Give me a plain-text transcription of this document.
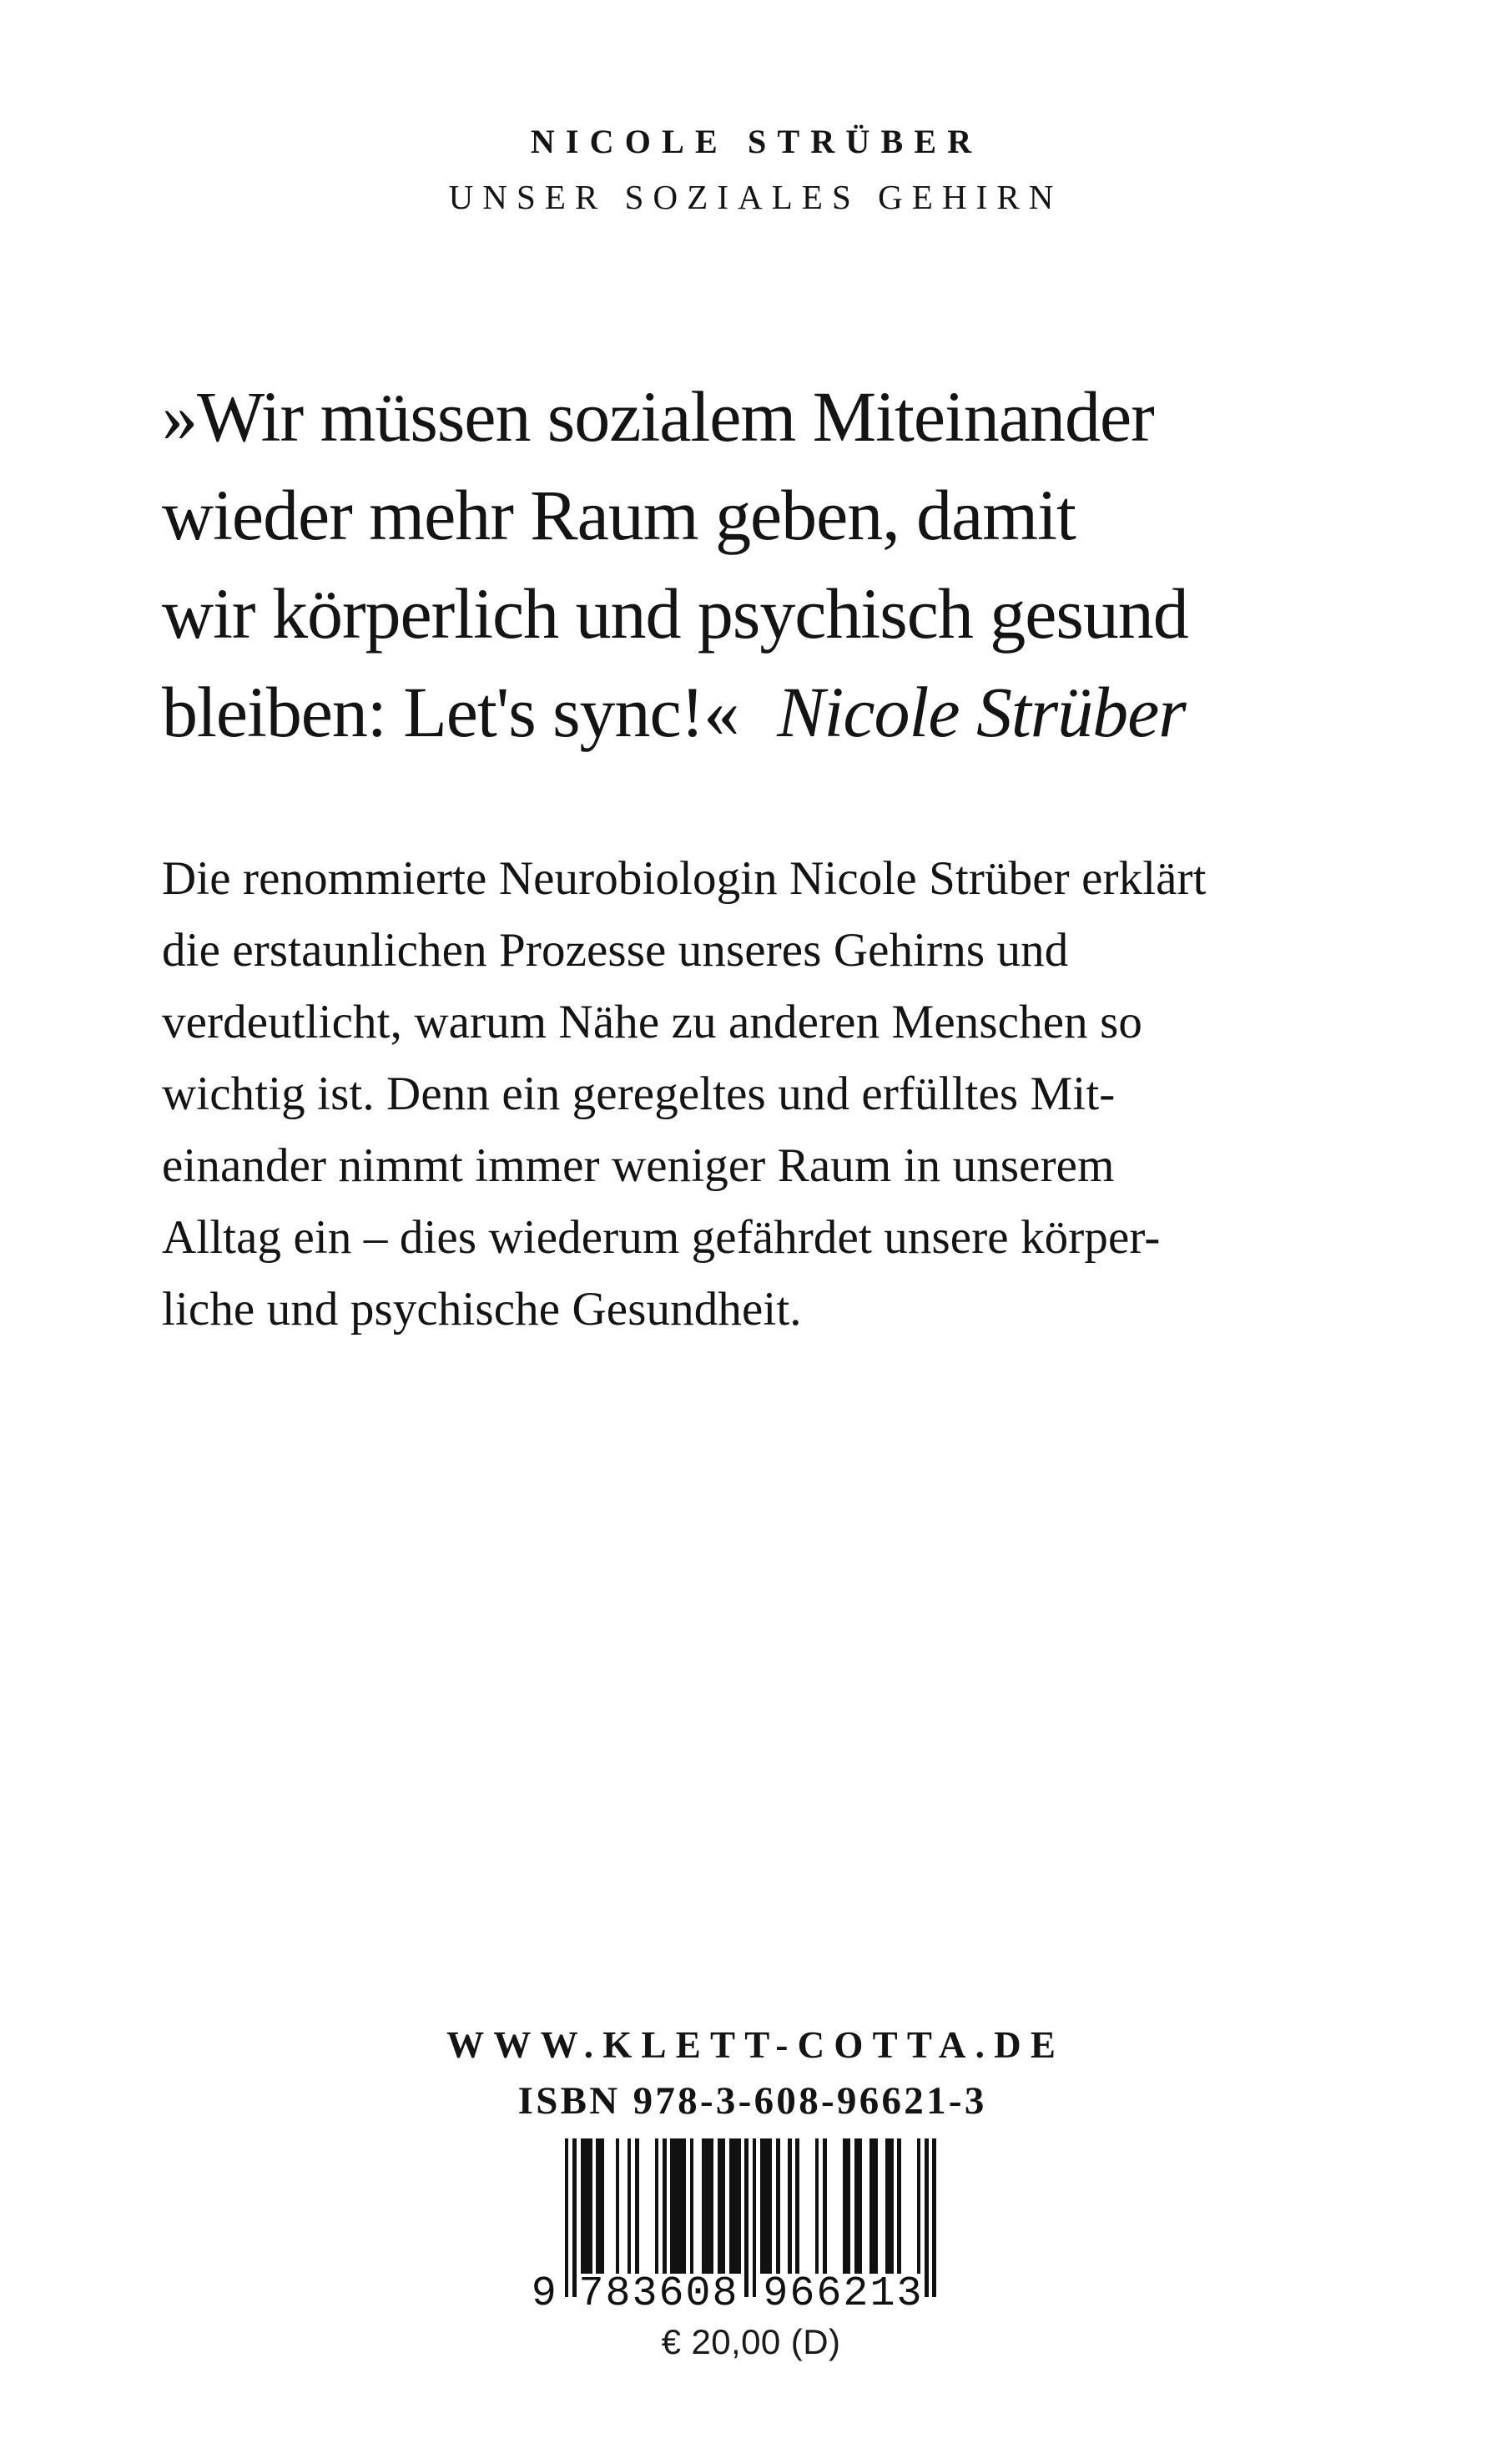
NICOLE STRÜBER
UNSER SOZIALES GEHIRN
»Wir müssen sozialem Miteinander
wieder mehr Raum geben, damit
wir körperlich und psychisch gesund
bleiben: Let's sync!« Nicole Strüber
Die renommierte Neurobiologin Nicole Strüber erklärt
die erstaunlichen Prozesse unseres Gehirns und
verdeutlicht, warum Nähe zu anderen Menschen so
wichtig ist. Denn ein geregeltes und erfülltes Mit-
einander nimmt immer weniger Raum in unserem
Alltag ein – dies wiederum gefährdet unsere körper-
liche und psychische Gesundheit.
WWW.KLETT-COTTA.DE
ISBN 978-3-608-96621-3
9 783608 966213
€ 20,00 (D)
